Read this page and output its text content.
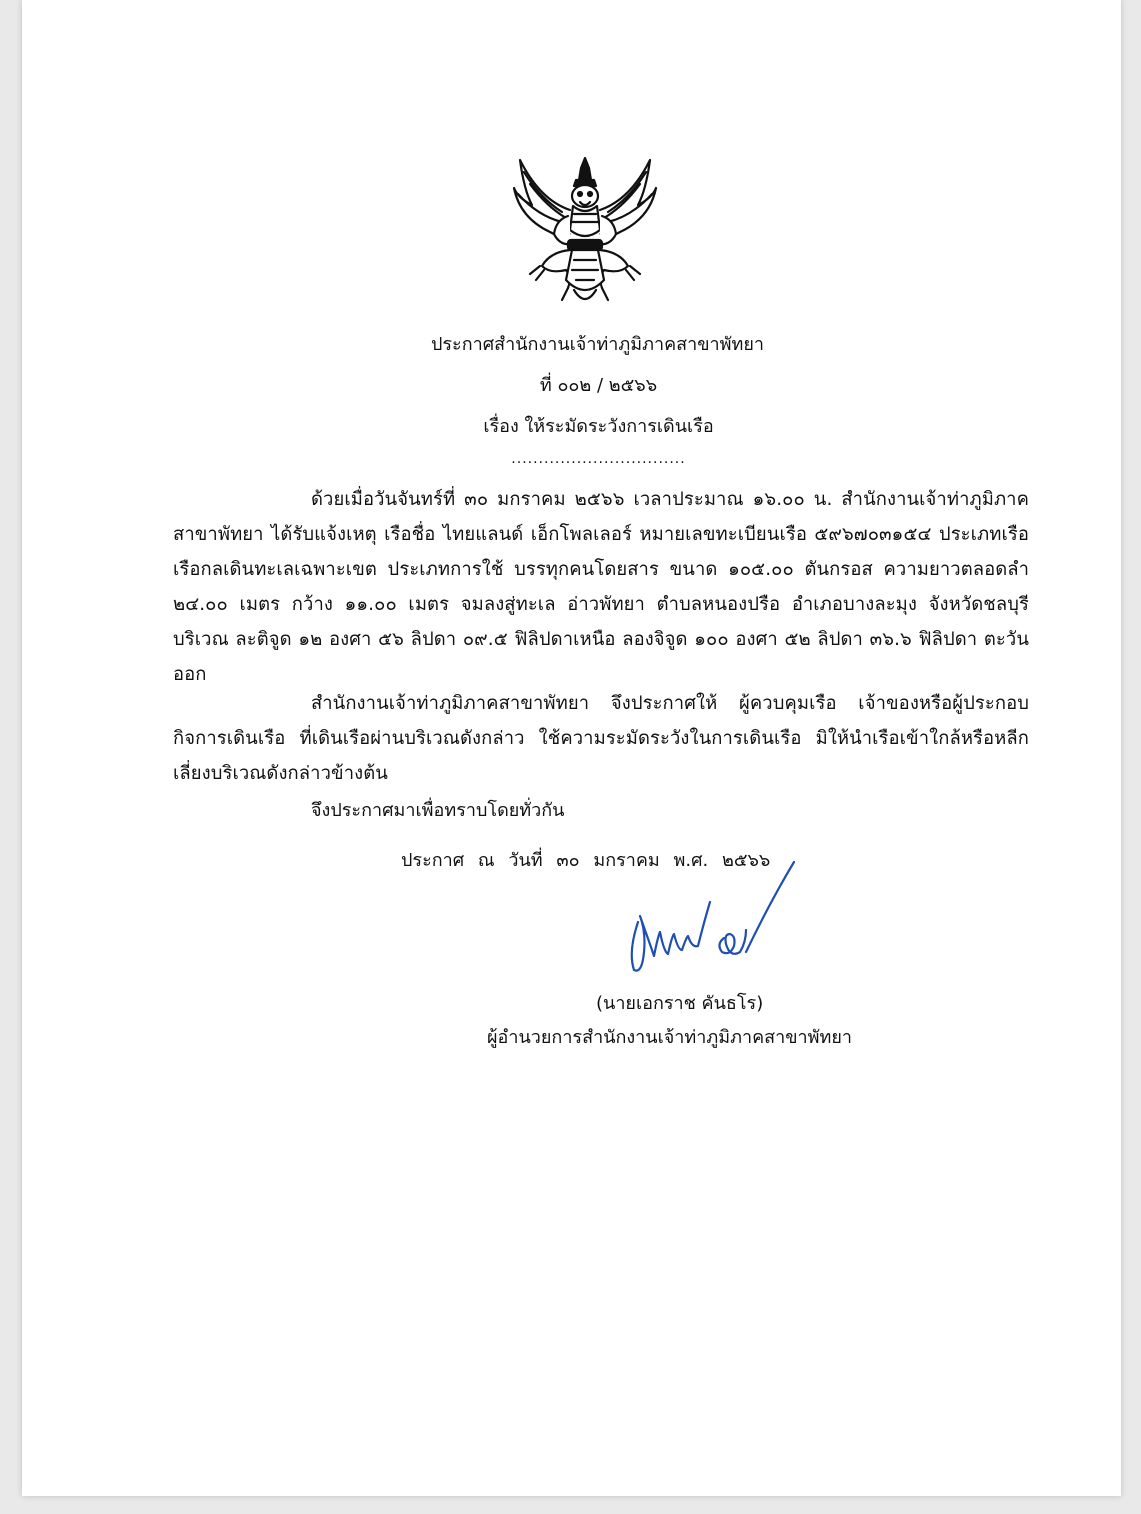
ประกาศสำนักงานเจ้าท่าภูมิภาคสาขาพัทยา
ที่ ๐๐๒ / ๒๕๖๖
เรื่อง ให้ระมัดระวังการเดินเรือ
................................
ด้วยเมื่อวันจันทร์ที่ ๓๐ มกราคม ๒๕๖๖ เวลาประมาณ ๑๖.๐๐ น. สำนักงานเจ้าท่าภูมิภาคสาขาพัทยา ได้รับแจ้งเหตุ เรือชื่อ ไทยแลนด์ เอ็กโพลเลอร์ หมายเลขทะเบียนเรือ ๕๙๖๗๐๓๑๕๔ ประเภทเรือ เรือกลเดินทะเลเฉพาะเขต ประเภทการใช้ บรรทุกคนโดยสาร ขนาด ๑๐๕.๐๐ ตันกรอส ความยาวตลอดลำ ๒๔.๐๐ เมตร กว้าง ๑๑.๐๐ เมตร จมลงสู่ทะเล อ่าวพัทยา ตำบลหนองปรือ อำเภอบางละมุง จังหวัดชลบุรี บริเวณ ละติจูด ๑๒ องศา ๕๖ ลิปดา ๐๙.๕ ฟิลิปดาเหนือ ลองจิจูด ๑๐๐ องศา ๕๒ ลิปดา ๓๖.๖ ฟิลิปดา ตะวันออก
สำนักงานเจ้าท่าภูมิภาคสาขาพัทยา จึงประกาศให้ ผู้ควบคุมเรือ เจ้าของหรือผู้ประกอบกิจการเดินเรือ ที่เดินเรือผ่านบริเวณดังกล่าว ใช้ความระมัดระวังในการเดินเรือ มิให้นำเรือเข้าใกล้หรือหลีกเลี่ยงบริเวณดังกล่าวข้างต้น
จึงประกาศมาเพื่อทราบโดยทั่วกัน
ประกาศ ณ วันที่ ๓๐ มกราคม พ.ศ. ๒๕๖๖
(นายเอกราช คันธโร)
ผู้อำนวยการสำนักงานเจ้าท่าภูมิภาคสาขาพัทยา
